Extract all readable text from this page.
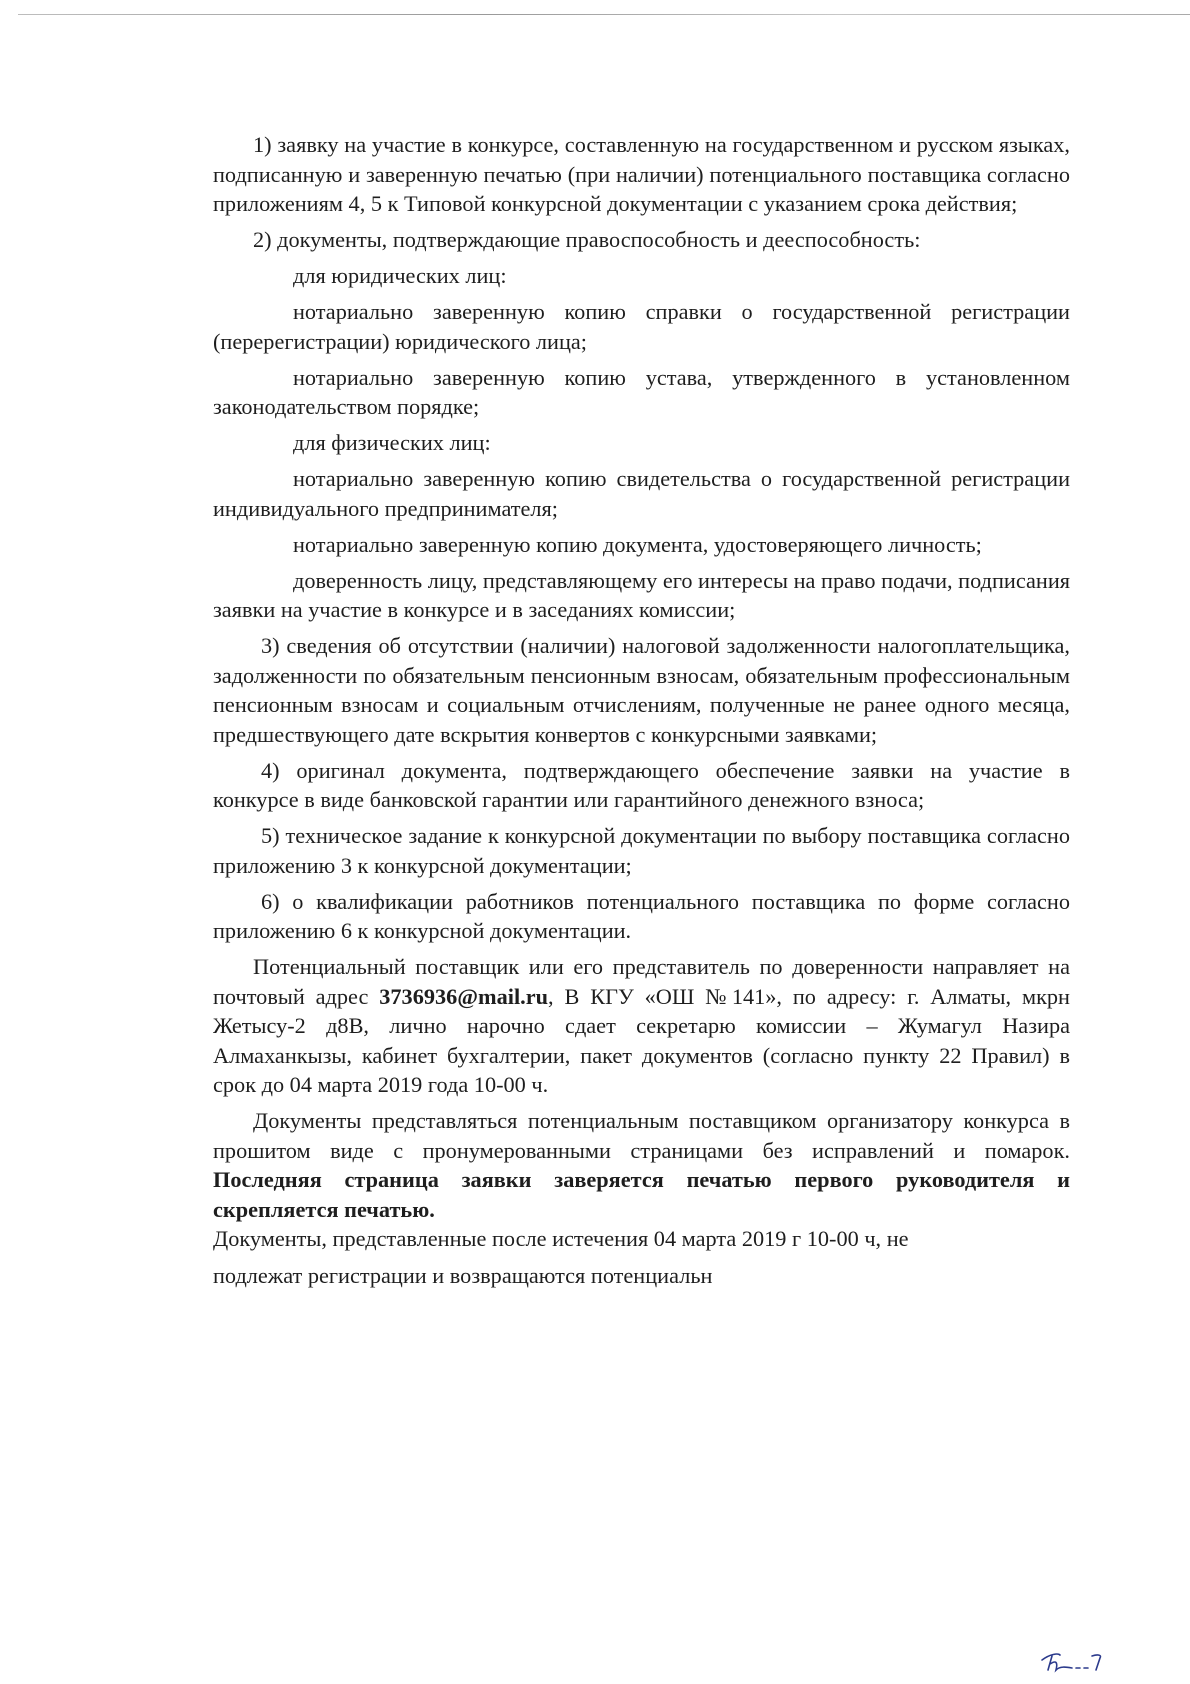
1) заявку на участие в конкурсе, составленную на государственном и русском языках, подписанную и заверенную печатью (при наличии) потенциального поставщика согласно приложениям 4, 5 к Типовой конкурсной документации с указанием срока действия;

2) документы, подтверждающие правоспособность и дееспособность:

для юридических лиц:

нотариально заверенную копию справки о государственной регистрации (перерегистрации) юридического лица;

нотариально заверенную копию устава, утвержденного в установленном законодательством порядке;

для физических лиц:

нотариально заверенную копию свидетельства о государственной регистрации индивидуального предпринимателя;

нотариально заверенную копию документа, удостоверяющего личность;

доверенность лицу, представляющему его интересы на право подачи, подписания заявки на участие в конкурсе и в заседаниях комиссии;

3) сведения об отсутствии (наличии) налоговой задолженности налогоплательщика, задолженности по обязательным пенсионным взносам, обязательным профессиональным пенсионным взносам и социальным отчислениям, полученные не ранее одного месяца, предшествующего дате вскрытия конвертов с конкурсными заявками;

4) оригинал документа, подтверждающего обеспечение заявки на участие в конкурсе в виде банковской гарантии или гарантийного денежного взноса;

5) техническое задание к конкурсной документации по выбору поставщика согласно приложению 3 к конкурсной документации;

6) о квалификации работников потенциального поставщика по форме согласно приложению 6 к конкурсной документации.

Потенциальный поставщик или его представитель по доверенности направляет на почтовый адрес 3736936@mail.ru, В КГУ «ОШ №141», по адресу: г. Алматы, мкрн Жетысу-2 д8В, лично нарочно сдает секретарю комиссии – Жумагул Назира Алмаханкызы, кабинет бухгалтерии, пакет документов (согласно пункту 22 Правил) в срок до 04 марта 2019 года 10-00 ч.

Документы представляться потенциальным поставщиком организатору конкурса в прошитом виде с пронумерованными страницами без исправлений и помарок. Последняя страница заявки заверяется печатью первого руководителя и скрепляется печатью.

Документы, представленные после истечения 04 марта 2019 г 10-00 ч, не

подлежат регистрации и возвращаются потенциальн
